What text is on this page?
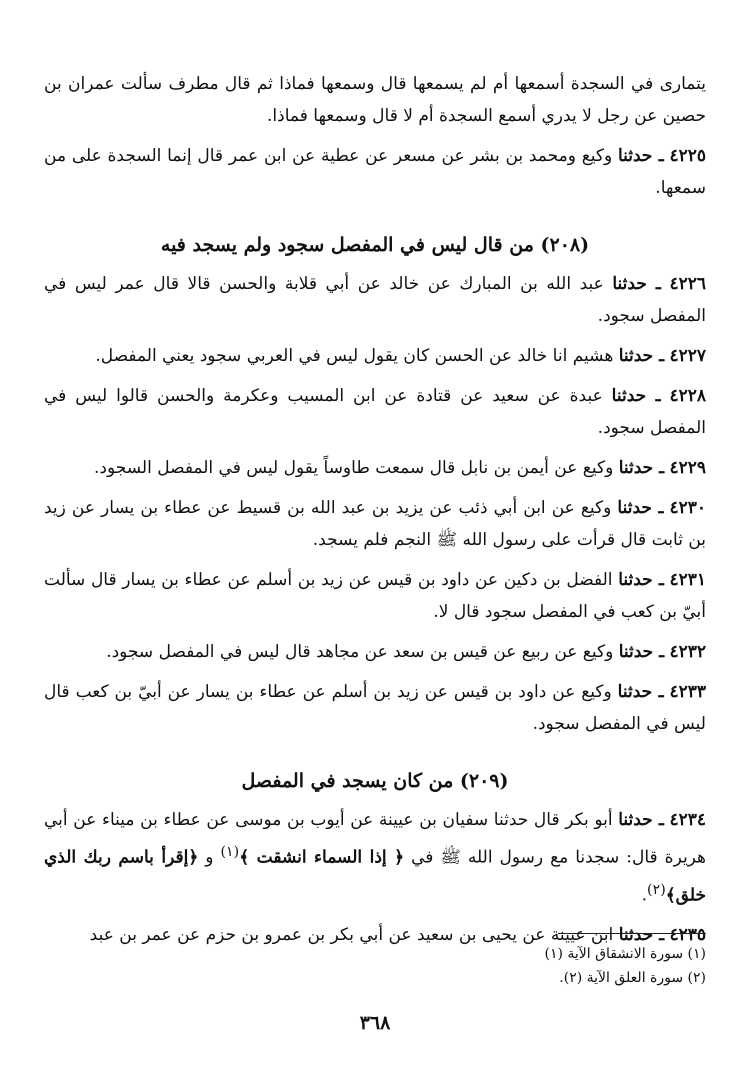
يتمارى في السجدة أسمعها أم لم يسمعها قال وسمعها فماذا ثم قال مطرف سألت عمران بن حصين عن رجل لا يدري أسمع السجدة أم لا قال وسمعها فماذا.

٤٢٢٥ ـ حدثنا وكيع ومحمد بن بشر عن مسعر عن عطية عن ابن عمر قال إنما السجدة على من سمعها.

(٢٠٨) من قال ليس في المفصل سجود ولم يسجد فيه

٤٢٢٦ ـ حدثنا عبد الله بن المبارك عن خالد عن أبي قلابة والحسن قالا قال عمر ليس في المفصل سجود.

٤٢٢٧ ـ حدثنا هشيم انا خالد عن الحسن كان يقول ليس في العربي سجود يعني المفصل.

٤٢٢٨ ـ حدثنا عبدة عن سعيد عن قتادة عن ابن المسيب وعكرمة والحسن قالوا ليس في المفصل سجود.

٤٢٢٩ ـ حدثنا وكيع عن أيمن بن نابل قال سمعت طاوساً يقول ليس في المفصل السجود.

٤٢٣٠ ـ حدثنا وكيع عن ابن أبي ذئب عن يزيد بن عبد الله بن قسيط عن عطاء بن يسار عن زيد بن ثابت قال قرأت على رسول الله ﷺ النجم فلم يسجد.

٤٢٣١ ـ حدثنا الفضل بن دكين عن داود بن قيس عن زيد بن أسلم عن عطاء بن يسار قال سألت أبيّ بن كعب في المفصل سجود قال لا.

٤٢٣٢ ـ حدثنا وكيع عن ربيع عن قيس بن سعد عن مجاهد قال ليس في المفصل سجود.

٤٢٣٣ ـ حدثنا وكيع عن داود بن قيس عن زيد بن أسلم عن عطاء بن يسار عن أبيّ بن كعب قال ليس في المفصل سجود.

(٢٠٩) من كان يسجد في المفصل

٤٢٣٤ ـ حدثنا أبو بكر قال حدثنا سفيان بن عيينة عن أيوب بن موسى عن عطاء بن ميناء عن أبي هريرة قال: سجدنا مع رسول الله ﷺ في ﴿ إذا السماء انشقت ﴾$^{(١)}$ و ﴿إقرأ باسم ربك الذي خلق﴾$^{(٢)}$.

٤٢٣٥ ـ حدثنا ابن عيينة عن يحيى بن سعيد عن أبي بكر بن عمرو بن حزم عن عمر بن عبد

(١) سورة الانشقاق الآية (١)
(٢) سورة العلق الآية (٢).
٣٦٨
